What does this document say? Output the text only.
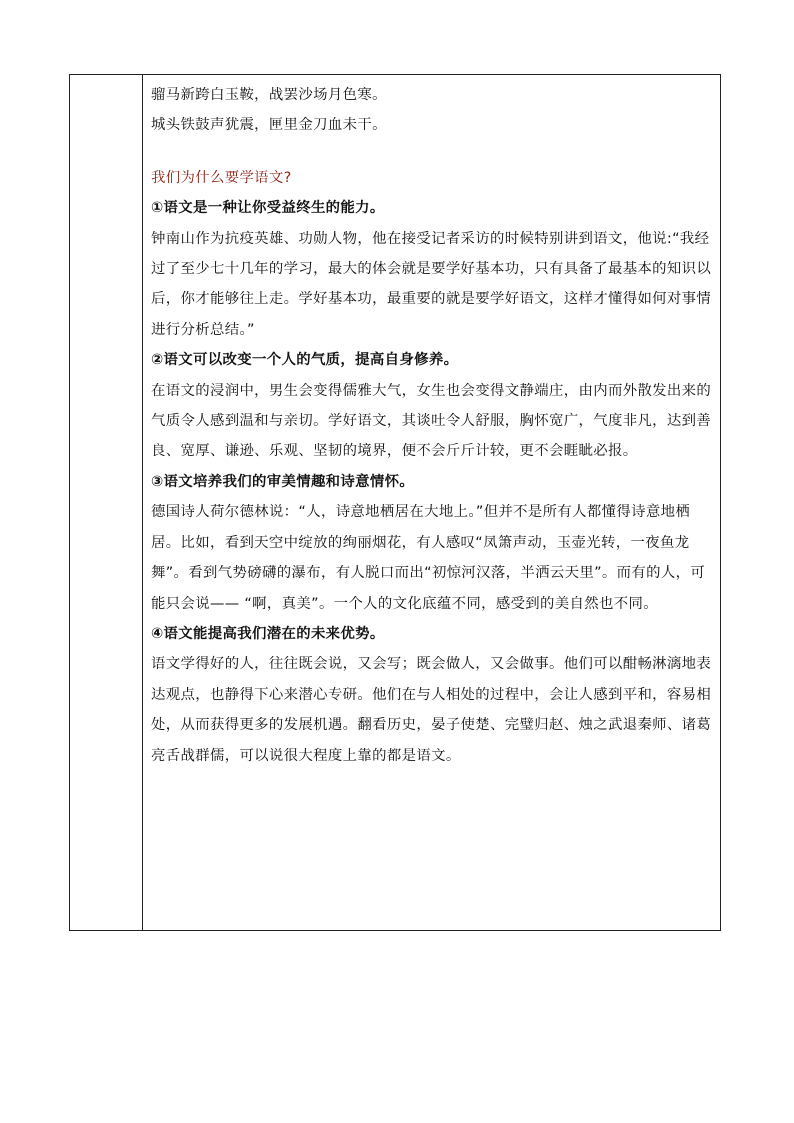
骝马新跨白玉鞍，战罢沙场月色寒。

城头铁鼓声犹震，匣里金刀血未干。

我们为什么要学语文?

①语文是一种让你受益终生的能力。

钟南山作为抗疫英雄、功勋人物，他在接受记者采访的时候特别讲到语文，他说:“我经过了至少七十几年的学习，最大的体会就是要学好基本功，只有具备了最基本的知识以后，你才能够往上走。学好基本功，最重要的就是要学好语文，这样才懂得如何对事情进行分析总结。”

②语文可以改变一个人的气质，提高自身修养。

在语文的浸润中，男生会变得儒雅大气，女生也会变得文静端庄，由内而外散发出来的气质令人感到温和与亲切。学好语文，其谈吐令人舒服，胸怀宽广，气度非凡，达到善良、宽厚、谦逊、乐观、坚韧的境界，便不会斤斤计较，更不会睚眦必报。

③语文培养我们的审美情趣和诗意情怀。

德国诗人荷尔德林说：“人，诗意地栖居在大地上。”但并不是所有人都懂得诗意地栖居。比如，看到天空中绽放的绚丽烟花，有人感叹“凤箫声动，玉壶光转，一夜鱼龙舞”。看到气势磅礴的瀑布，有人脱口而出“初惊河汉落，半洒云天里”。而有的人，可能只会说—— “啊，真美”。一个人的文化底蕴不同，感受到的美自然也不同。

④语文能提高我们潜在的未来优势。

语文学得好的人，往往既会说，又会写；既会做人，又会做事。他们可以酣畅淋漓地表达观点，也静得下心来潜心专研。他们在与人相处的过程中，会让人感到平和，容易相处，从而获得更多的发展机遇。翻看历史，晏子使楚、完璧归赵、烛之武退秦师、诸葛亮舌战群儒，可以说很大程度上靠的都是语文。
